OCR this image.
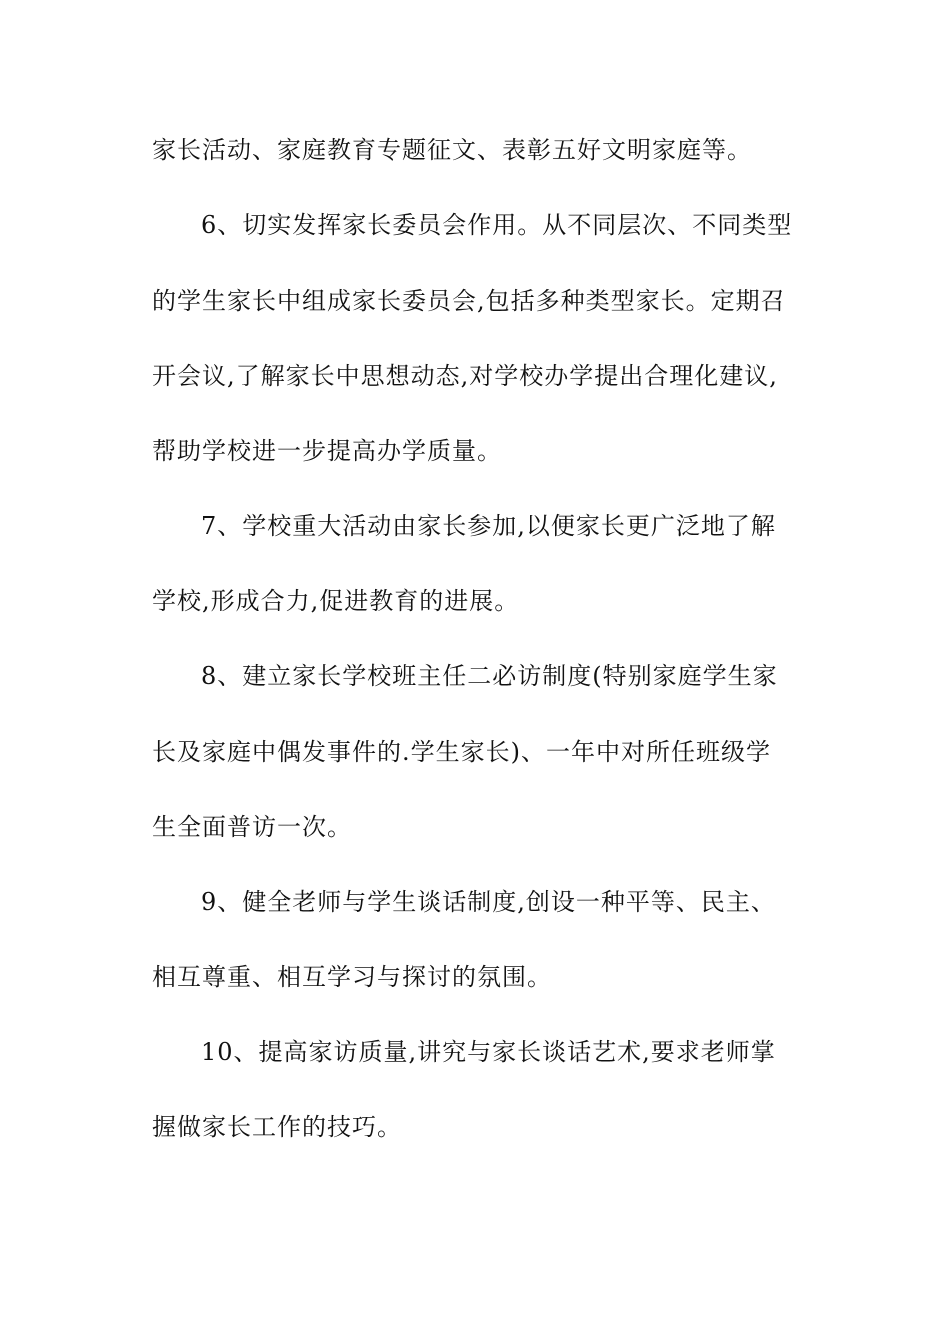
家长活动、家庭教育专题征文、表彰五好文明家庭等。
6、切实发挥家长委员会作用。从不同层次、不同类型
的学生家长中组成家长委员会,包括多种类型家长。定期召
开会议,了解家长中思想动态,对学校办学提出合理化建议,
帮助学校进一步提高办学质量。
7、学校重大活动由家长参加,以便家长更广泛地了解
学校,形成合力,促进教育的进展。
8、建立家长学校班主任二必访制度(特别家庭学生家
长及家庭中偶发事件的.学生家长)、一年中对所任班级学
生全面普访一次。
9、健全老师与学生谈话制度,创设一种平等、民主、
相互尊重、相互学习与探讨的氛围。
10、提高家访质量,讲究与家长谈话艺术,要求老师掌
握做家长工作的技巧。
